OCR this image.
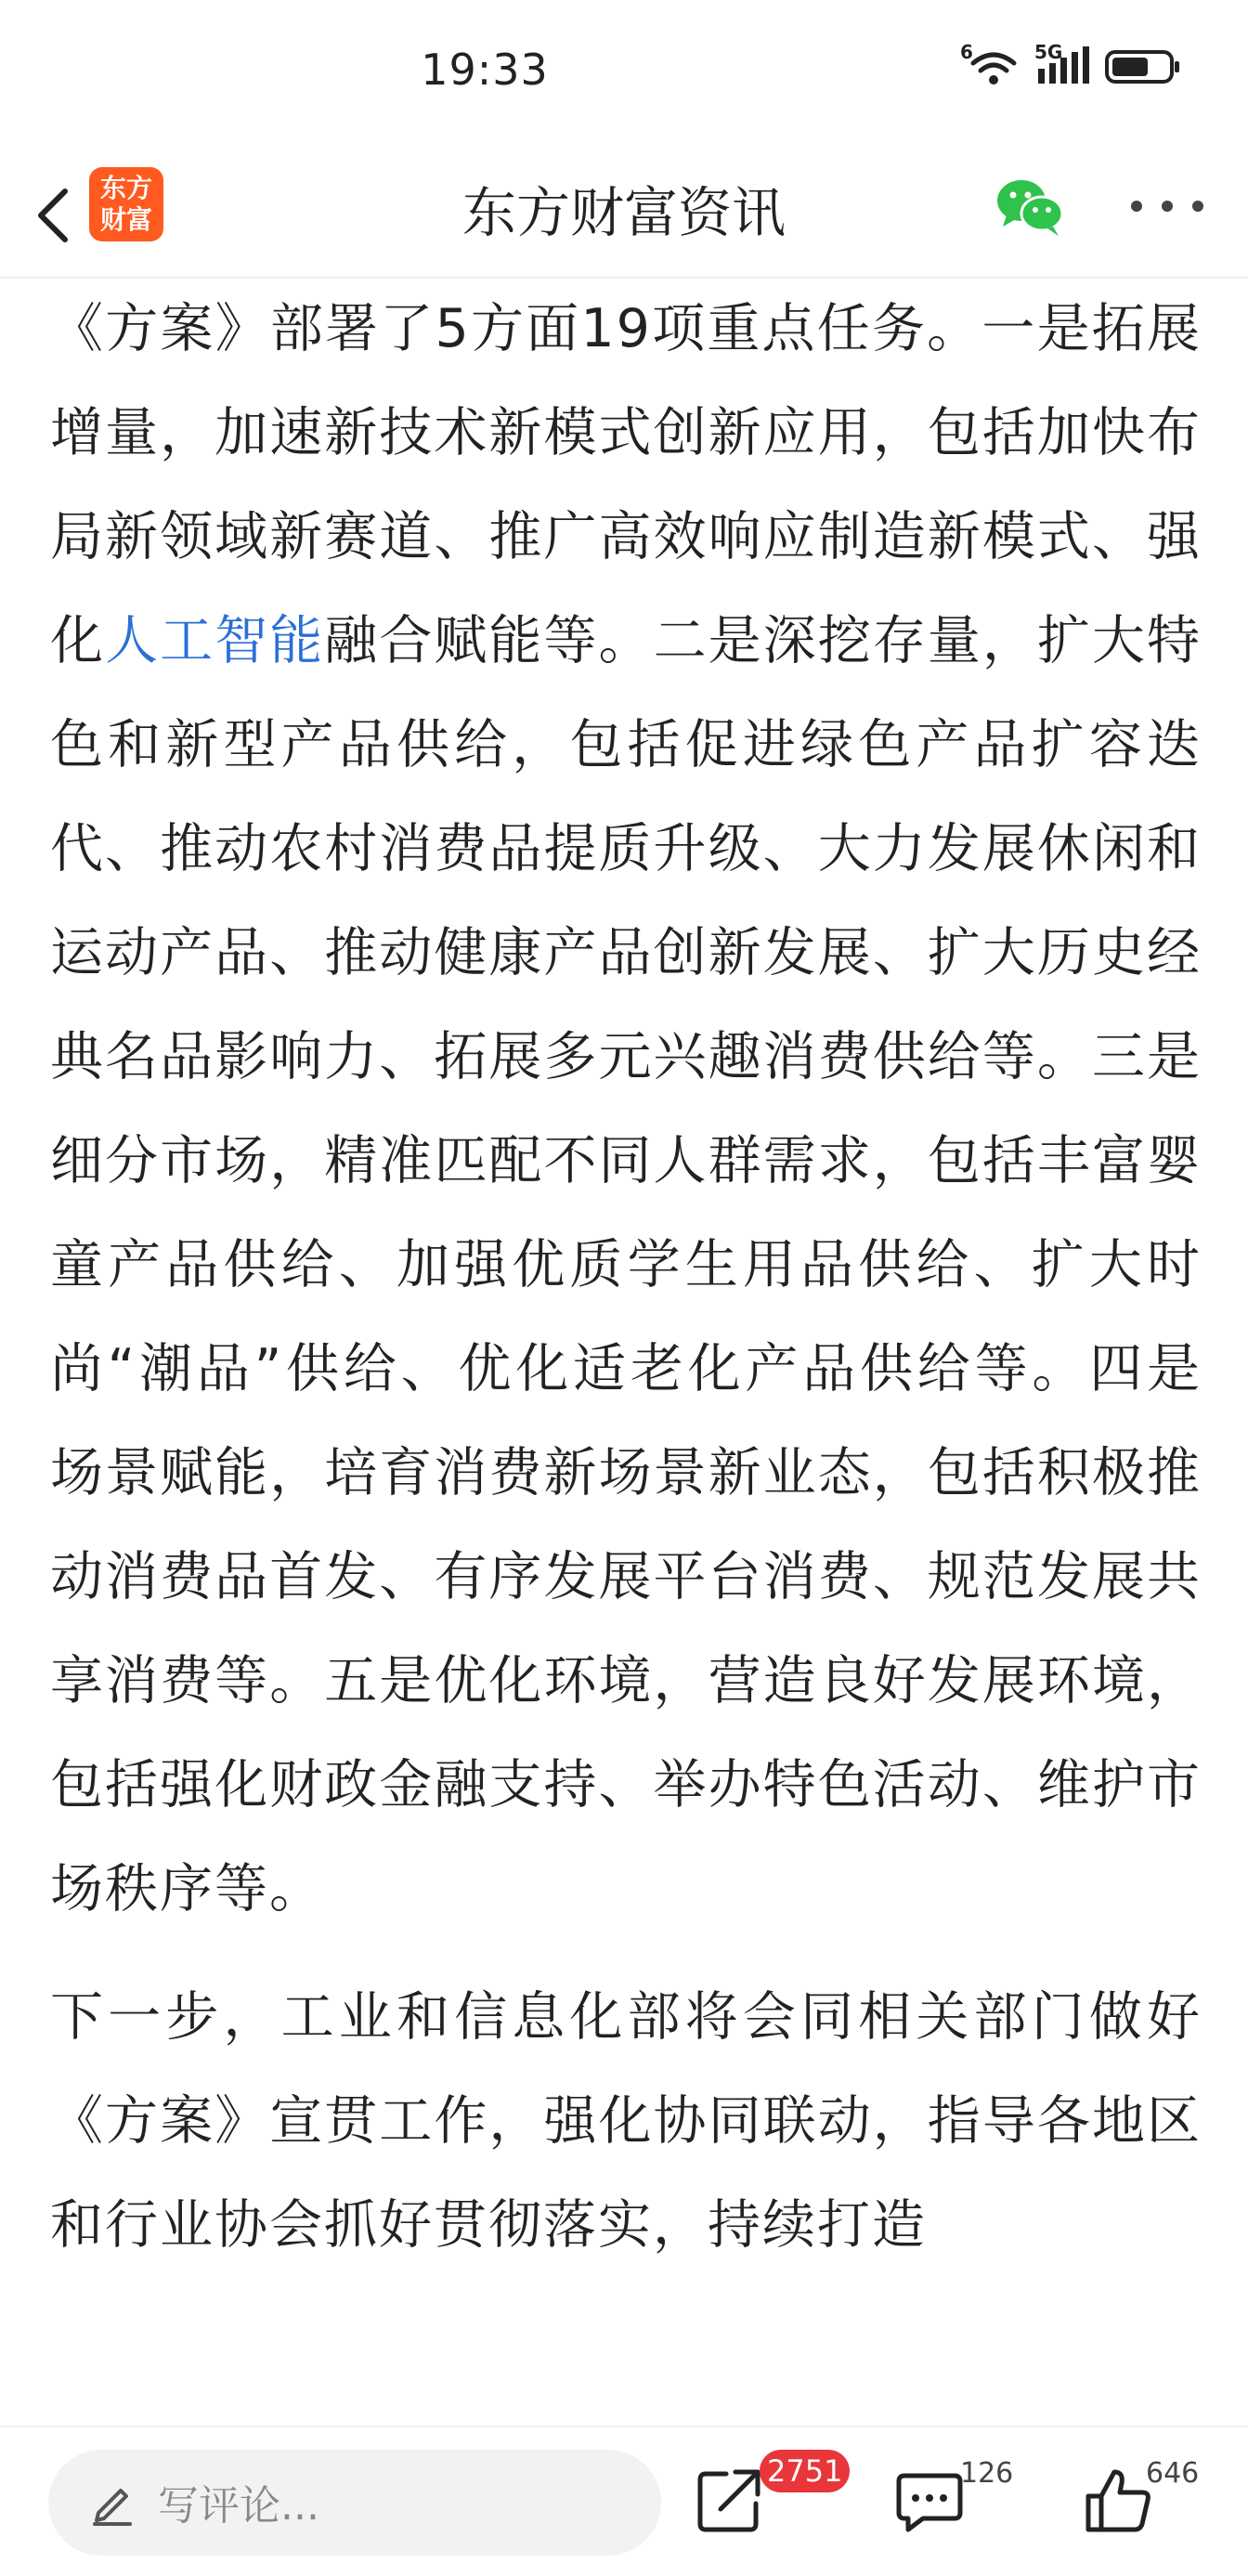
19:33	6	5G
东方
财富	东方财富资讯

《方案》部署了5方面19项重点任务。一是拓展增量，加速新技术新模式创新应用，包括加快布局新领域新赛道、推广高效响应制造新模式、强化人工智能融合赋能等。二是深挖存量，扩大特色和新型产品供给，包括促进绿色产品扩容迭代、推动农村消费品提质升级、大力发展休闲和运动产品、推动健康产品创新发展、扩大历史经典名品影响力、拓展多元兴趣消费供给等。三是细分市场，精准匹配不同人群需求，包括丰富婴童产品供给、加强优质学生用品供给、扩大时尚“潮品”供给、优化适老化产品供给等。四是场景赋能，培育消费新场景新业态，包括积极推动消费品首发、有序发展平台消费、规范发展共享消费等。五是优化环境，营造良好发展环境，包括强化财政金融支持、举办特色活动、维护市场秩序等。

下一步，工业和信息化部将会同相关部门做好《方案》宣贯工作，强化协同联动，指导各地区和行业协会抓好贯彻落实，持续打造

写评论...
2751	126	646
